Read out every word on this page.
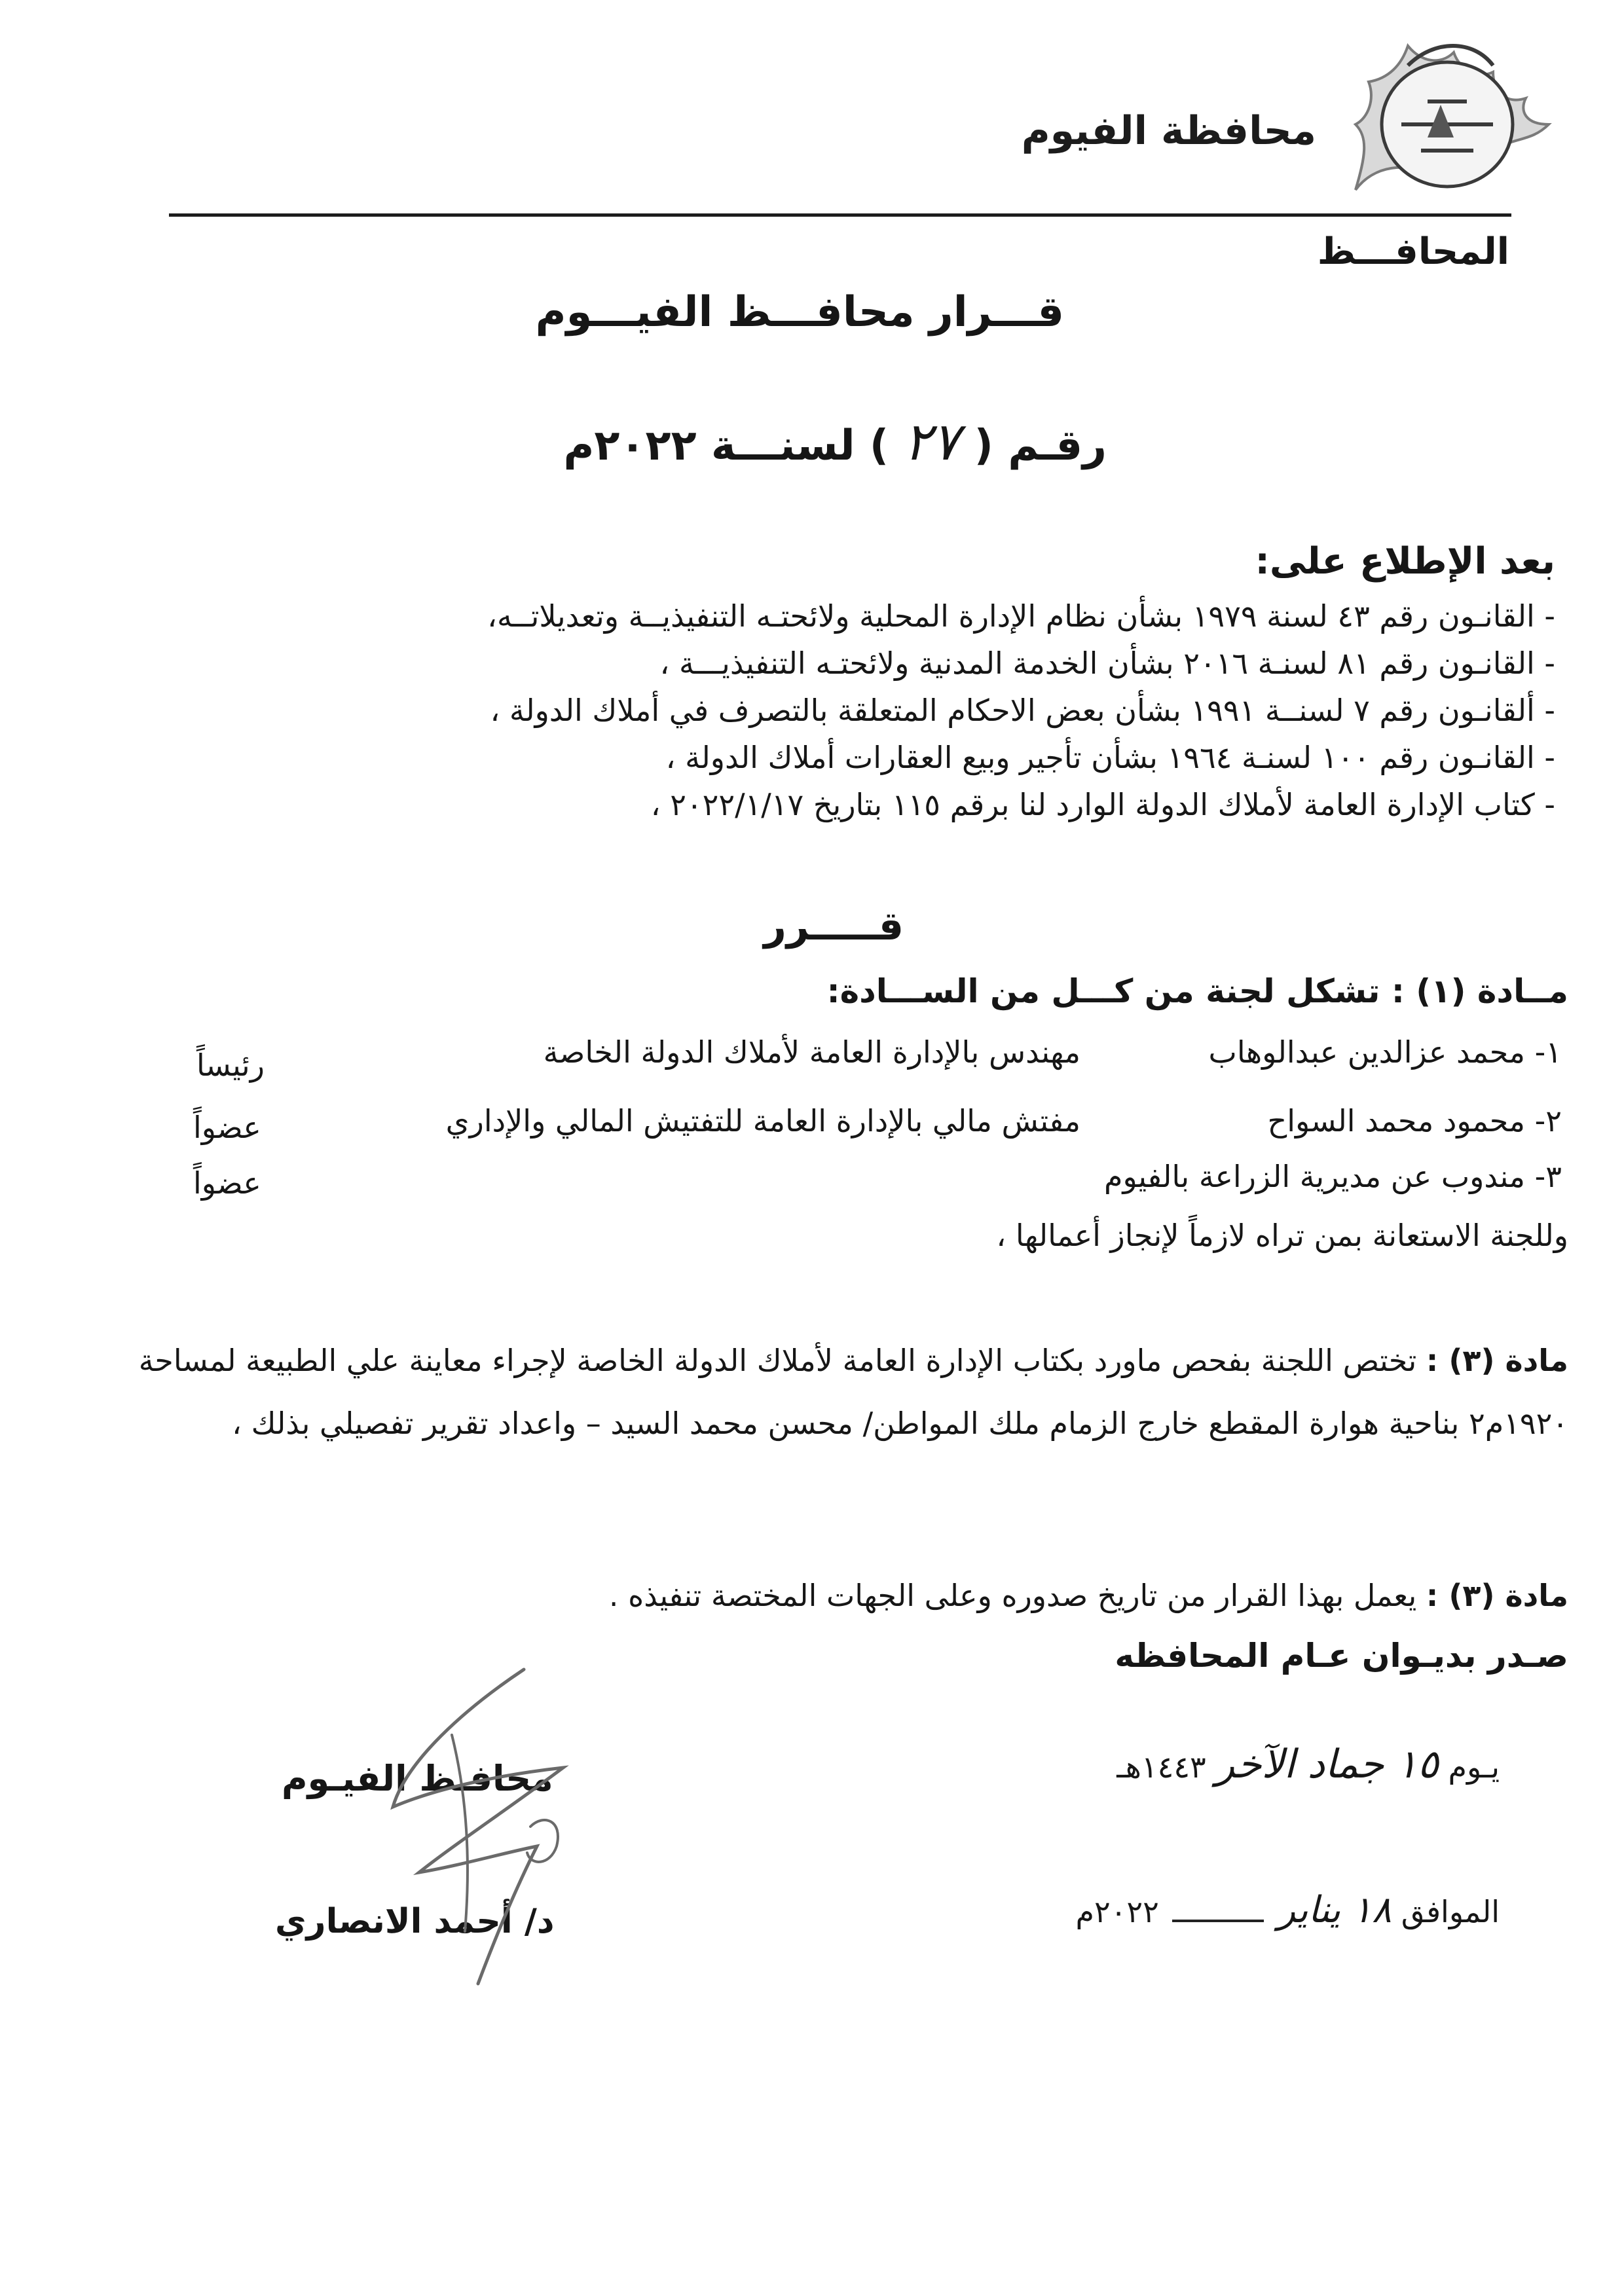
محافظة الفيوم
المحافـــظ
قـــرار محافـــظ الفيـــوم
رقـم ( ٢٧ ) لسنـــة ٢٠٢٢م
بعد الإطلاع على:
- القانـون رقم ٤٣ لسنة ١٩٧٩ بشأن نظام الإدارة المحلية ولائحتـه التنفيذيــة وتعديلاتــه،
- القانـون رقم ٨١ لسنـة ٢٠١٦ بشأن الخدمة المدنية ولائحتـه التنفيذيـــة ،
- ألقانـون رقم ٧ لسنــة ١٩٩١ بشأن بعض الاحكام المتعلقة بالتصرف في أملاك الدولة ،
- القانـون رقم ١٠٠ لسنـة ١٩٦٤ بشأن تأجير وبيع العقارات أملاك الدولة ،
- كتاب الإدارة العامة لأملاك الدولة الوارد لنا برقم ١١٥ بتاريخ ٢٠٢٢/١/١٧ ،
قـــــرر
مــادة (١) : تشكل لجنة من كـــل من الســـادة:
١- محمد عزالدين عبدالوهاب
مهندس بالإدارة العامة لأملاك الدولة الخاصة
رئيساً
٢- محمود محمد السواح
مفتش مالي بالإدارة العامة للتفتيش المالي والإداري
عضواً
٣- مندوب عن مديرية الزراعة بالفيوم
عضواً
وللجنة الاستعانة بمن تراه لازماً لإنجاز أعمالها ،
مادة (٣) : تختص اللجنة بفحص ماورد بكتاب الإدارة العامة لأملاك الدولة الخاصة لإجراء معاينة علي الطبيعة لمساحة ١٩٢٠م٢ بناحية هوارة المقطع خارج الزمام ملك المواطن/ محسن محمد السيد – واعداد تقرير تفصيلي بذلك ،
مادة (٣) : يعمل بهذا القرار من تاريخ صدوره وعلى الجهات المختصة تنفيذه .
صـدر بديـوان عـام المحافظه
يـوم ١٥ جماد الآخر ١٤٤٣هـ
الموافق ١٨ يناير  ٢٠٢٢م
محافـظ الفيـوم
د/ أحمد الانصاري
